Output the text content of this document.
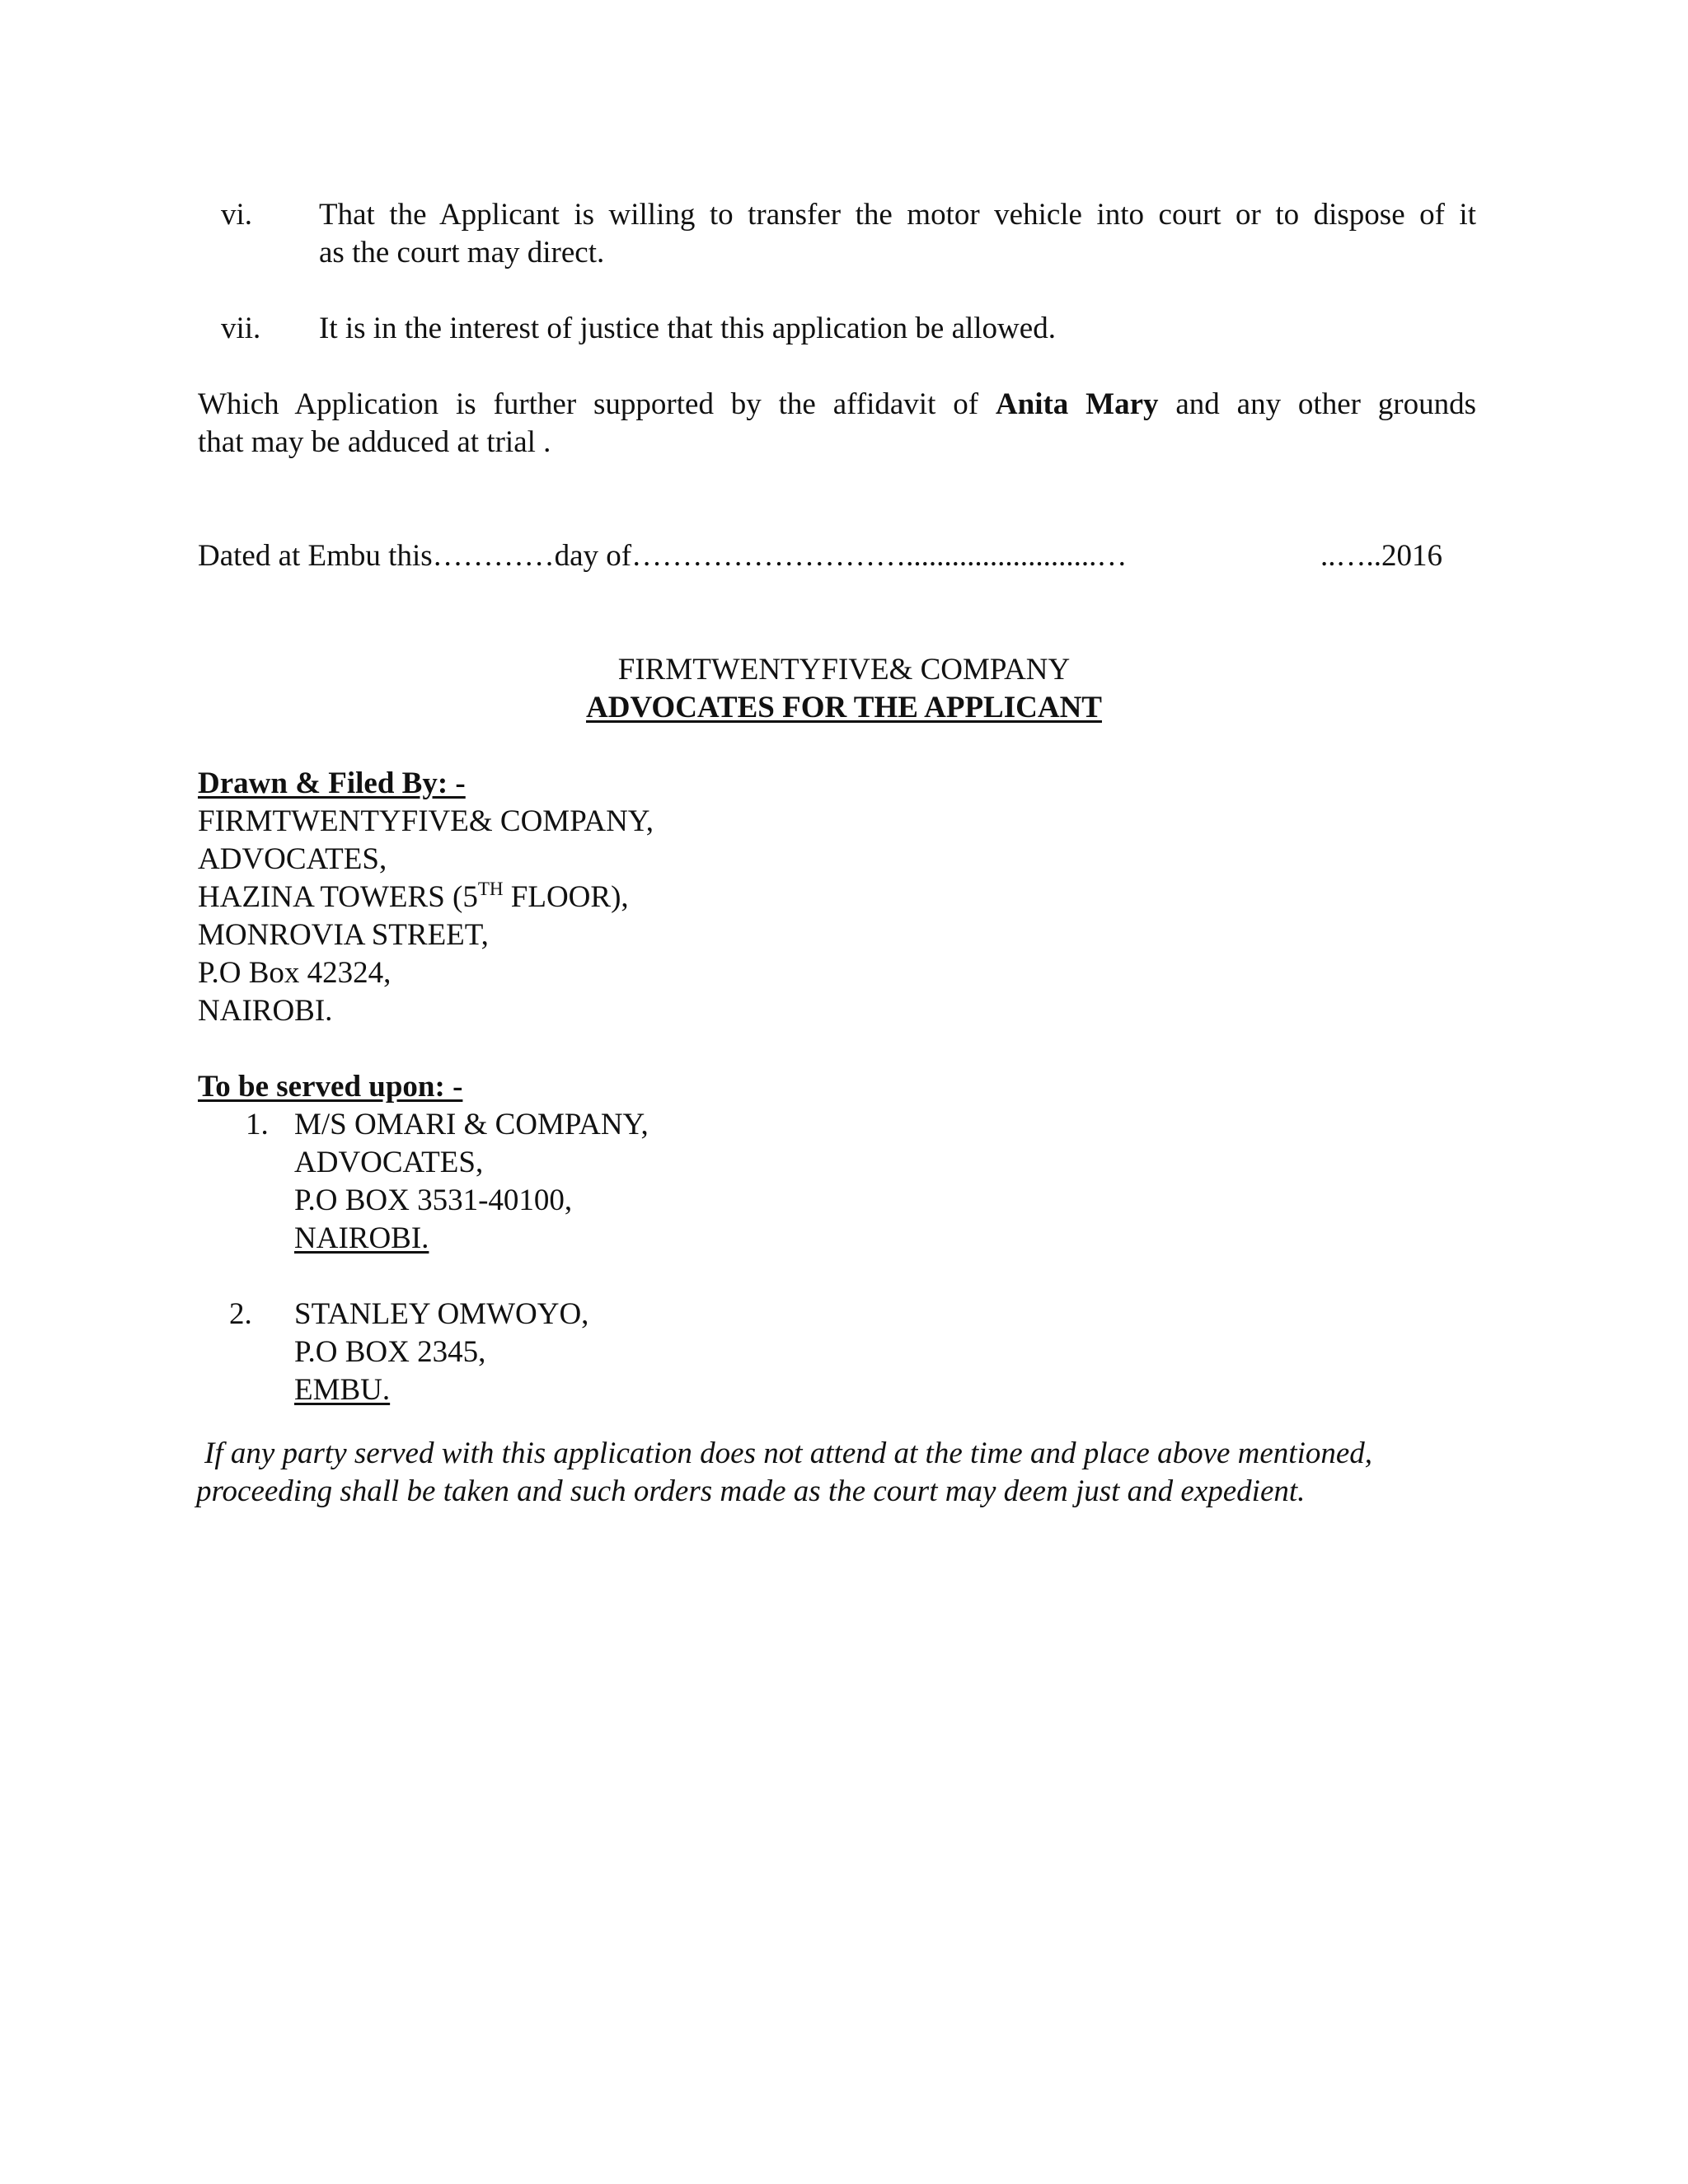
vi. That the Applicant is willing to transfer the motor vehicle into court or to dispose of it
as the court may direct.
vii. It is in the interest of justice that this application be allowed.
Which Application is further supported by the affidavit of Anita Mary and any other grounds
that may be adduced at trial .
Dated at Embu this…………day of……………………….........................…	..…..2016
FIRMTWENTYFIVE& COMPANY
ADVOCATES FOR THE APPLICANT
Drawn & Filed By: -
FIRMTWENTYFIVE& COMPANY,
ADVOCATES,
HAZINA TOWERS (5TH FLOOR),
MONROVIA STREET,
P.O Box 42324,
NAIROBI.
To be served upon: -
1. M/S OMARI & COMPANY,
ADVOCATES,
P.O BOX 3531-40100,
NAIROBI.
2. STANLEY OMWOYO,
P.O BOX 2345,
EMBU.
If any party served with this application does not attend at the time and place above mentioned,
proceeding shall be taken and such orders made as the court may deem just and expedient.
